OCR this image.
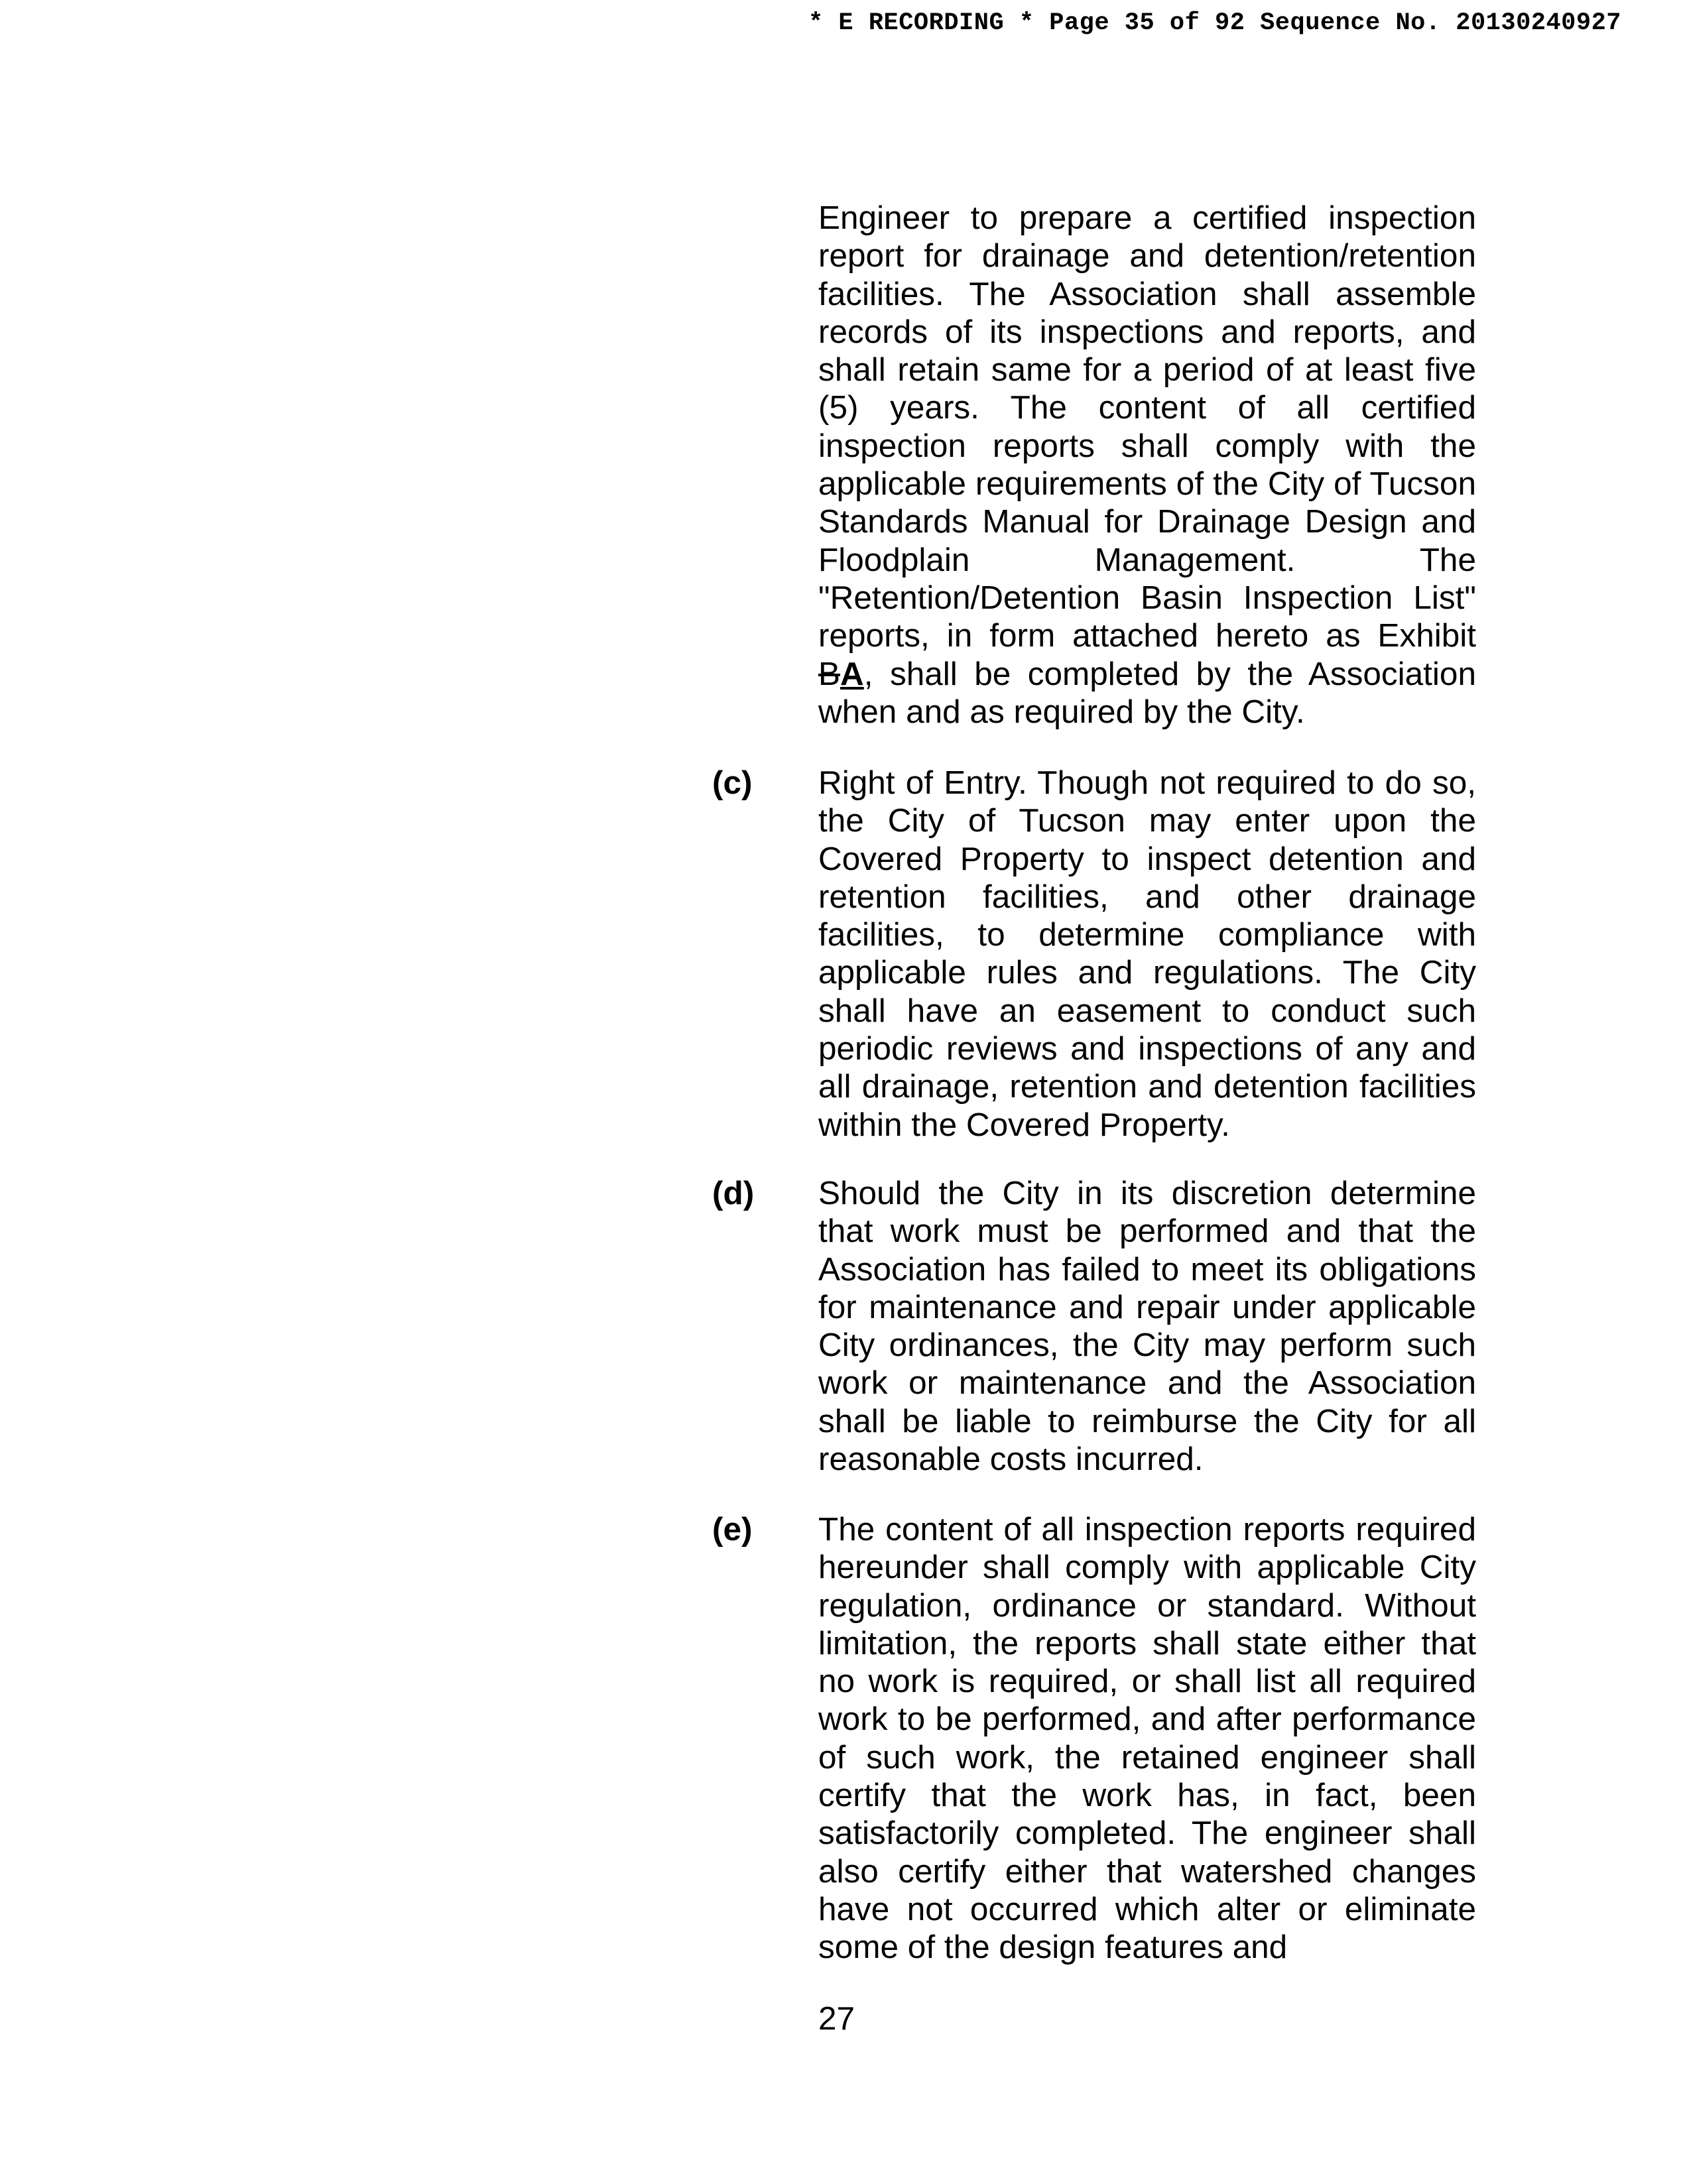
* E RECORDING * Page 35 of 92 Sequence No. 20130240927
Engineer to prepare a certified inspection report for drainage and detention/retention facilities. The Association shall assemble records of its inspections and reports, and shall retain same for a period of at least five (5) years. The content of all certified inspection reports shall comply with the applicable requirements of the City of Tucson Standards Manual for Drainage Design and Floodplain Management. The "Retention/Detention Basin Inspection List" reports, in form attached hereto as Exhibit BA, shall be completed by the Association when and as required by the City.
(c) Right of Entry. Though not required to do so, the City of Tucson may enter upon the Covered Property to inspect detention and retention facilities, and other drainage facilities, to determine compliance with applicable rules and regulations. The City shall have an easement to conduct such periodic reviews and inspections of any and all drainage, retention and detention facilities within the Covered Property.
(d) Should the City in its discretion determine that work must be performed and that the Association has failed to meet its obligations for maintenance and repair under applicable City ordinances, the City may perform such work or maintenance and the Association shall be liable to reimburse the City for all reasonable costs incurred.
(e) The content of all inspection reports required hereunder shall comply with applicable City regulation, ordinance or standard. Without limitation, the reports shall state either that no work is required, or shall list all required work to be performed, and after performance of such work, the retained engineer shall certify that the work has, in fact, been satisfactorily completed. The engineer shall also certify either that watershed changes have not occurred which alter or eliminate some of the design features and
27
